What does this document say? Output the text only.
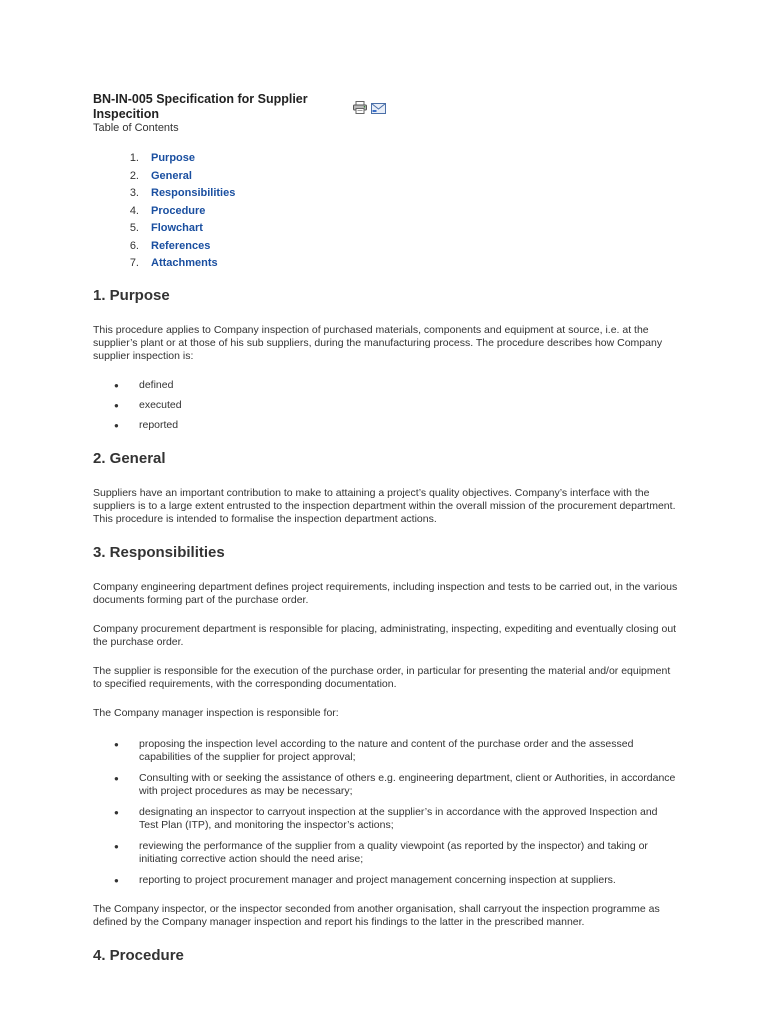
BN-IN-005 Specification for Supplier Inspecition
Table of Contents
1. Purpose
2. General
3. Responsibilities
4. Procedure
5. Flowchart
6. References
7. Attachments
1. Purpose

This procedure applies to Company inspection of purchased materials, components and equipment at source, i.e. at the supplier’s plant or at those of his sub suppliers, during the manufacturing process. The procedure describes how Company supplier inspection is:

● defined
● executed
● reported
2. General

Suppliers have an important contribution to make to attaining a project’s quality objectives. Company’s interface with the suppliers is to a large extent entrusted to the inspection department within the overall mission of the procurement department. This procedure is intended to formalise the inspection department actions.

3. Responsibilities

Company engineering department defines project requirements, including inspection and tests to be carried out, in the various documents forming part of the purchase order.

Company procurement department is responsible for placing, administrating, inspecting, expediting and eventually closing out the purchase order.

The supplier is responsible for the execution of the purchase order, in particular for presenting the material and/or equipment to specified requirements, with the corresponding documentation.

The Company manager inspection is responsible for:

● proposing the inspection level according to the nature and content of the purchase order and the assessed capabilities of the supplier for project approval;
● Consulting with or seeking the assistance of others e.g. engineering department, client or Authorities, in accordance with project procedures as may be necessary;
● designating an inspector to carryout inspection at the supplier’s in accordance with the approved Inspection and Test Plan (ITP), and monitoring the inspector’s actions;
● reviewing the performance of the supplier from a quality viewpoint (as reported by the inspector) and taking or initiating corrective action should the need arise;
● reporting to project procurement manager and project management concerning inspection at suppliers.

The Company inspector, or the inspector seconded from another organisation, shall carryout the inspection programme as defined by the Company manager inspection and report his findings to the latter in the prescribed manner.

4. Procedure
